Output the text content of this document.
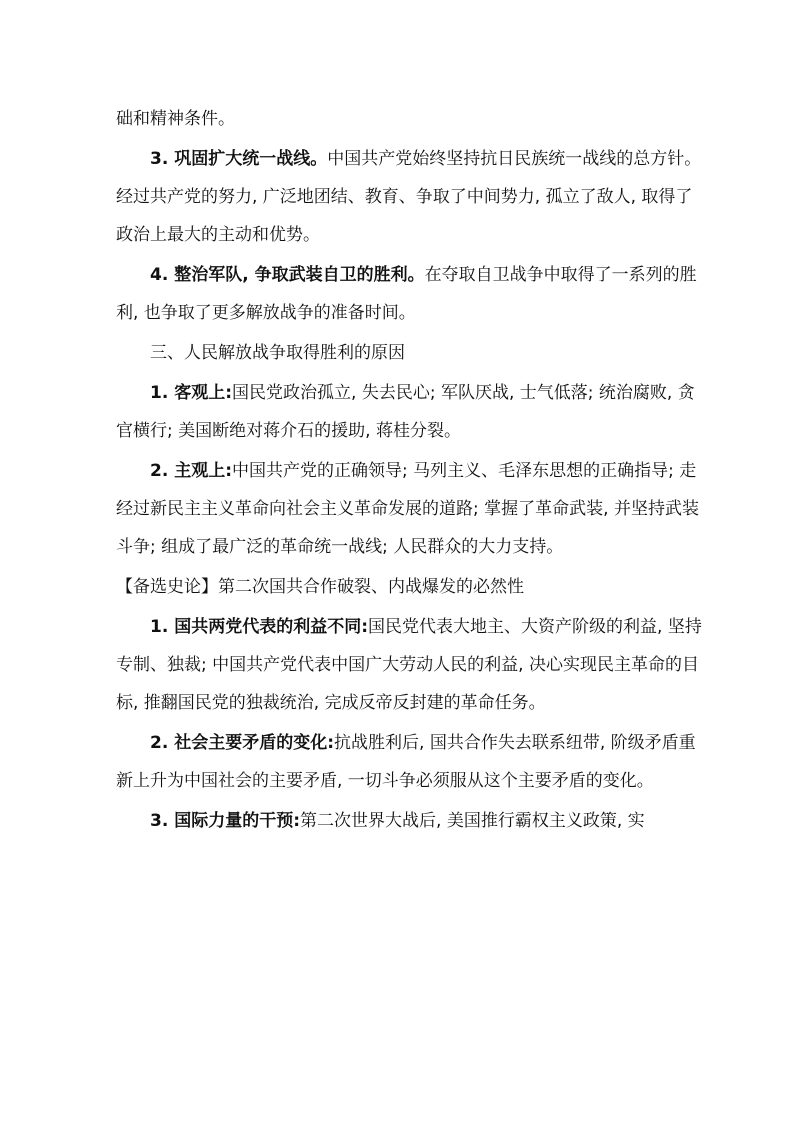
础和精神条件。

3. 巩固扩大统一战线。中国共产党始终坚持抗日民族统一战线的总方针。经过共产党的努力, 广泛地团结、教育、争取了中间势力, 孤立了敌人, 取得了政治上最大的主动和优势。

4. 整治军队, 争取武装自卫的胜利。在夺取自卫战争中取得了一系列的胜利, 也争取了更多解放战争的准备时间。

三、人民解放战争取得胜利的原因

1. 客观上:国民党政治孤立, 失去民心; 军队厌战, 士气低落; 统治腐败, 贪官横行; 美国断绝对蒋介石的援助, 蒋桂分裂。

2. 主观上:中国共产党的正确领导; 马列主义、毛泽东思想的正确指导; 走经过新民主主义革命向社会主义革命发展的道路; 掌握了革命武装, 并坚持武装斗争; 组成了最广泛的革命统一战线; 人民群众的大力支持。

【备选史论】第二次国共合作破裂、内战爆发的必然性

1. 国共两党代表的利益不同:国民党代表大地主、大资产阶级的利益, 坚持专制、独裁; 中国共产党代表中国广大劳动人民的利益, 决心实现民主革命的目标, 推翻国民党的独裁统治, 完成反帝反封建的革命任务。

2. 社会主要矛盾的变化:抗战胜利后, 国共合作失去联系纽带, 阶级矛盾重新上升为中国社会的主要矛盾, 一切斗争必须服从这个主要矛盾的变化。

3. 国际力量的干预:第二次世界大战后, 美国推行霸权主义政策, 实
